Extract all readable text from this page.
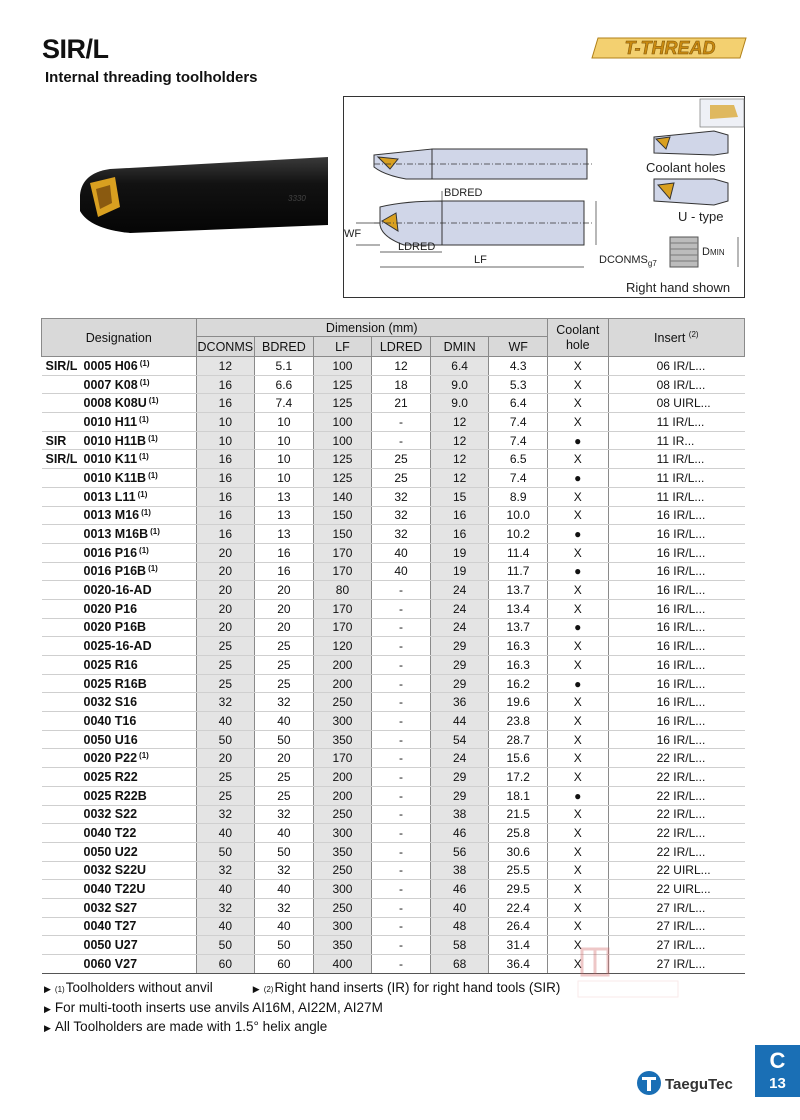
SIR/L
Internal threading toolholders
T-THREAD
3330	BDRED
WF
LDRED
LF	$DCONMS_{g7}$
Coolant holes
U - type
DMIN
Right hand shown
Designation	Dimension (mm)						Coolant hole	Insert $^{(2)}$
	DCONMS	BDRED	LF	LDRED	DMIN	WF		
SIR/L 0005 H06 $^{(1)}$	12	5.1	100	12	6.4	4.3	X	06 IR/L...
0007 K08 $^{(1)}$	16	6.6	125	18	9.0	5.3	X	08 IR/L...
0008 K08U $^{(1)}$	16	7.4	125	21	9.0	6.4	X	08 UIRL...
0010 H11 $^{(1)}$	10	10	100	-	12	7.4	X	11 IR/L...
SIR 0010 H11B $^{(1)}$	10	10	100	-	12	7.4	●	11 IR...
SIR/L 0010 K11 $^{(1)}$	16	10	125	25	12	6.5	X	11 IR/L...
0010 K11B $^{(1)}$	16	10	125	25	12	7.4	●	11 IR/L...
0013 L11 $^{(1)}$	16	13	140	32	15	8.9	X	11 IR/L...
0013 M16 $^{(1)}$	16	13	150	32	16	10.0	X	16 IR/L...
0013 M16B $^{(1)}$	16	13	150	32	16	10.2	●	16 IR/L...
0016 P16 $^{(1)}$	20	16	170	40	19	11.4	X	16 IR/L...
0016 P16B $^{(1)}$	20	16	170	40	19	11.7	●	16 IR/L...
0020-16-AD	20	20	80	-	24	13.7	X	16 IR/L...
0020 P16	20	20	170	-	24	13.4	X	16 IR/L...
0020 P16B	20	20	170	-	24	13.7	●	16 IR/L...
0025-16-AD	25	25	120	-	29	16.3	X	16 IR/L...
0025 R16	25	25	200	-	29	16.3	X	16 IR/L...
0025 R16B	25	25	200	-	29	16.2	●	16 IR/L...
0032 S16	32	32	250	-	36	19.6	X	16 IR/L...
0040 T16	40	40	300	-	44	23.8	X	16 IR/L...
0050 U16	50	50	350	-	54	28.7	X	16 IR/L...
0020 P22 $^{(1)}$	20	20	170	-	24	15.6	X	22 IR/L...
0025 R22	25	25	200	-	29	17.2	X	22 IR/L...
0025 R22B	25	25	200	-	29	18.1	●	22 IR/L...
0032 S22	32	32	250	-	38	21.5	X	22 IR/L...
0040 T22	40	40	300	-	46	25.8	X	22 IR/L...
0050 U22	50	50	350	-	56	30.6	X	22 IR/L...
0032 S22U	32	32	250	-	38	25.5	X	22 UIRL...
0040 T22U	40	40	300	-	46	29.5	X	22 UIRL...
0032 S27	32	32	250	-	40	22.4	X	27 IR/L...
0040 T27	40	40	300	-	48	26.4	X	27 IR/L...
0050 U27	50	50	350	-	58	31.4	X	27 IR/L...
0060 V27	60	60	400	-	68	36.4	X	27 IR/L...
▶ (1) Toolholders without anvil	▶ (2) Right hand inserts (IR) for right hand tools (SIR)
▶ For multi-tooth inserts use anvils AI16M, AI22M, AI27M
▶ All Toolholders are made with 1.5° helix angle
C
13
TaeguTec
